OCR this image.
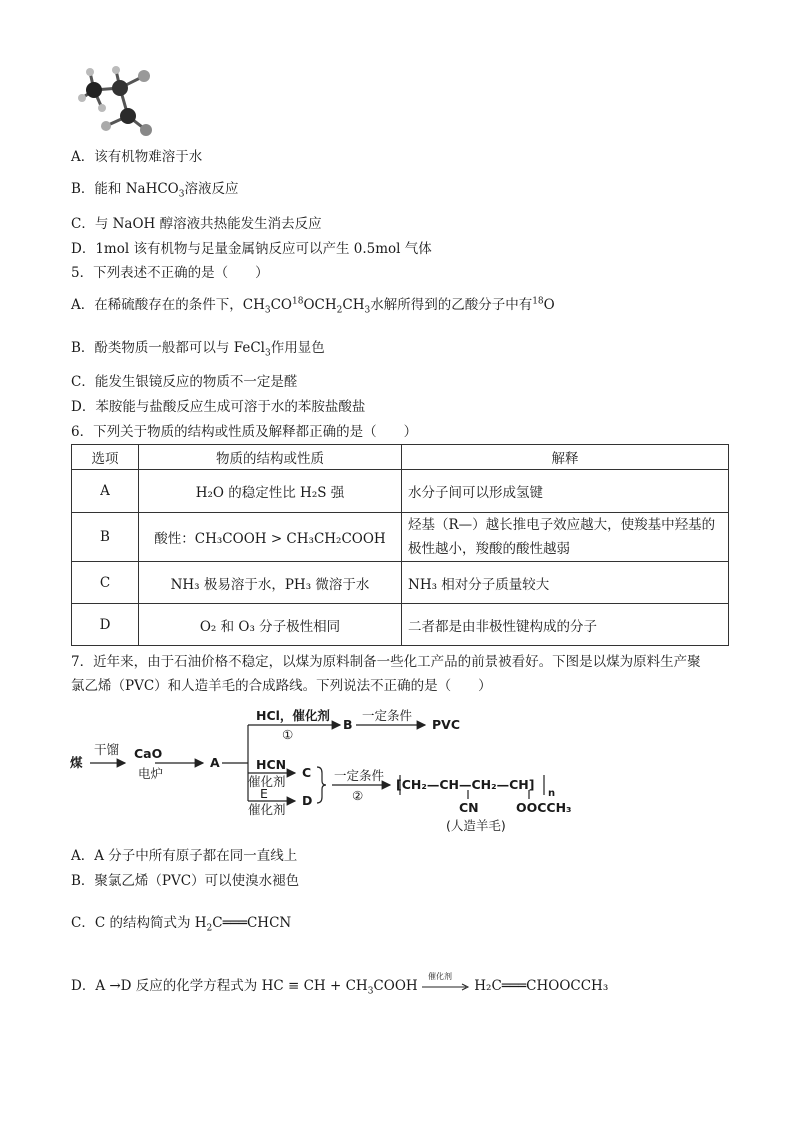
A．该有机物难溶于水
B．能和 NaHCO$_3$溶液反应
C．与 NaOH 醇溶液共热能发生消去反应
D．1mol 该有机物与足量金属钠反应可以产生 0.5mol 气体
5．下列表述不正确的是（　　）
A．在稀硫酸存在的条件下，$CH_3CO^{18}OCH_2CH_3$水解所得到的乙酸分子中有$^{18}$O
B．酚类物质一般都可以与 FeCl$_3$作用显色
C．能发生银镜反应的物质不一定是醛
D．苯胺能与盐酸反应生成可溶于水的苯胺盐酸盐
6．下列关于物质的结构或性质及解释都正确的是（　　）
选项	物质的结构或性质	解释
A	H₂O 的稳定性比 H₂S 强	水分子间可以形成氢键
B	酸性：CH₃COOH > CH₃CH₂COOH	烃基（R—）越长推电子效应越大，使羧基中羟基的极性越小，羧酸的酸性越弱
C	NH₃ 极易溶于水，PH₃ 微溶于水	NH₃ 相对分子质量较大
D	O₂ 和 O₃ 分子极性相同	二者都是由非极性键构成的分子
7．近年来，由于石油价格不稳定，以煤为原料制备一些化工产品的前景被看好。下图是以煤为原料生产聚
氯乙烯（PVC）和人造羊毛的合成路线。下列说法不正确的是（　　）
煤
干馏 CaO
电炉
A
HCl，催化剂
①
B
一定条件
PVC
HCN
催化剂
C
E
催化剂
D
一定条件
②
[CH₂—CH—CH₂—CH]
n
CN	OOCCH₃
(人造羊毛)
A．A 分子中所有原子都在同一直线上
B．聚氯乙烯（PVC）可以使溴水褪色
C．C 的结构简式为 $H_2C═══CHCN$
D．A →D 反应的化学方程式为 HC ≡ CH + $CH_3COOH$
催化剂
H₂C═══CHOOCCH₃
